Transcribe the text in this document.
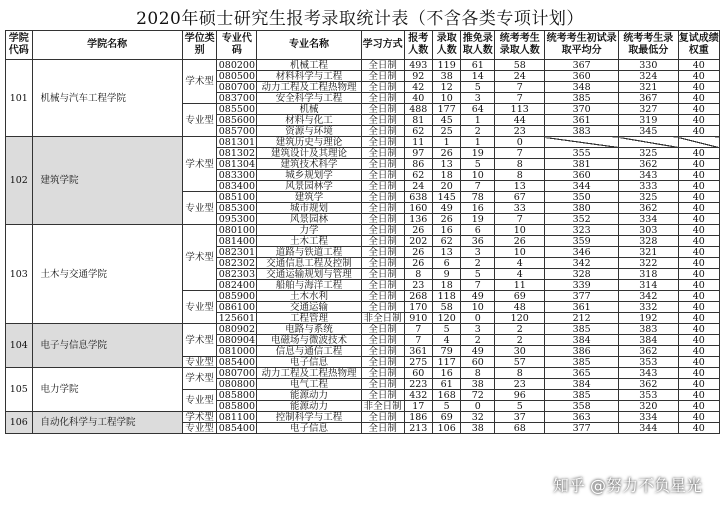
2020年硕士研究生报考录取统计表（不含各类专项计划）
学院代码	学院名称	学位类别	专业代码	专业名称	学习方式	报考人数	录取人数	推免录取人数	统考考生录取人数	统考考生初试录取平均分	统考考生录取最低分	复试成绩权重
101	机械与汽车工程学院	学术型	080200	机械工程	全日制	493	119	61	58	367	330	40
			080500	材料科学与工程	全日制	92	38	14	24	360	324	40
			080700	动力工程及工程热物理	全日制	42	12	5	7	348	321	40
			083700	安全科学与工程	全日制	40	10	3	7	385	367	40
		专业型	085500	机械	全日制	488	177	64	113	370	327	40
			085600	材料与化工	全日制	81	45	1	44	361	319	40
			085700	资源与环境	全日制	62	25	2	23	383	345	40
102	建筑学院	学术型	081301	建筑历史与理论	全日制	11	1	1	0			
			081302	建筑设计及其理论	全日制	97	26	19	7	355	325	40
			081304	建筑技术科学	全日制	86	13	5	8	381	362	40
			083300	城乡规划学	全日制	62	18	10	8	360	343	40
			083400	风景园林学	全日制	24	20	7	13	344	333	40
		专业型	085100	建筑学	全日制	638	145	78	67	350	325	40
			085300	城市规划	全日制	160	49	16	33	380	362	40
			095300	风景园林	全日制	136	26	19	7	352	334	40
103	土木与交通学院	学术型	080100	力学	全日制	26	16	6	10	323	303	40
			081400	土木工程	全日制	202	62	36	26	359	328	40
			082301	道路与铁道工程	全日制	26	13	3	10	346	321	40
			082302	交通信息工程及控制	全日制	26	6	2	4	342	322	40
			082303	交通运输规划与管理	全日制	8	9	5	4	328	318	40
			082400	船舶与海洋工程	全日制	23	18	7	11	339	314	40
		专业型	085900	土木水利	全日制	268	118	49	69	377	342	40
			086100	交通运输	全日制	170	58	10	48	361	332	40
			125601	工程管理	非全日制	910	120	0	120	212	192	40
104	电子与信息学院	学术型	080902	电路与系统	全日制	7	5	3	2	385	383	40
			080904	电磁场与微波技术	全日制	7	4	2	2	384	384	40
			081000	信息与通信工程	全日制	361	79	49	30	386	362	40
		专业型	085400	电子信息	全日制	275	117	60	57	385	353	40
105	电力学院	学术型	080700	动力工程及工程热物理	全日制	60	16	8	8	365	343	40
			080800	电气工程	全日制	223	61	38	23	384	362	40
		专业型	085800	能源动力	全日制	432	168	72	96	385	353	40
			085800	能源动力	非全日制	17	5	0	5	358	320	40
106	自动化科学与工程学院	学术型	081100	控制科学与工程	全日制	186	69	32	37	363	334	40
		专业型	085400	电子信息	全日制	213	106	38	68	377	344	40
知乎 @努力不负星光
